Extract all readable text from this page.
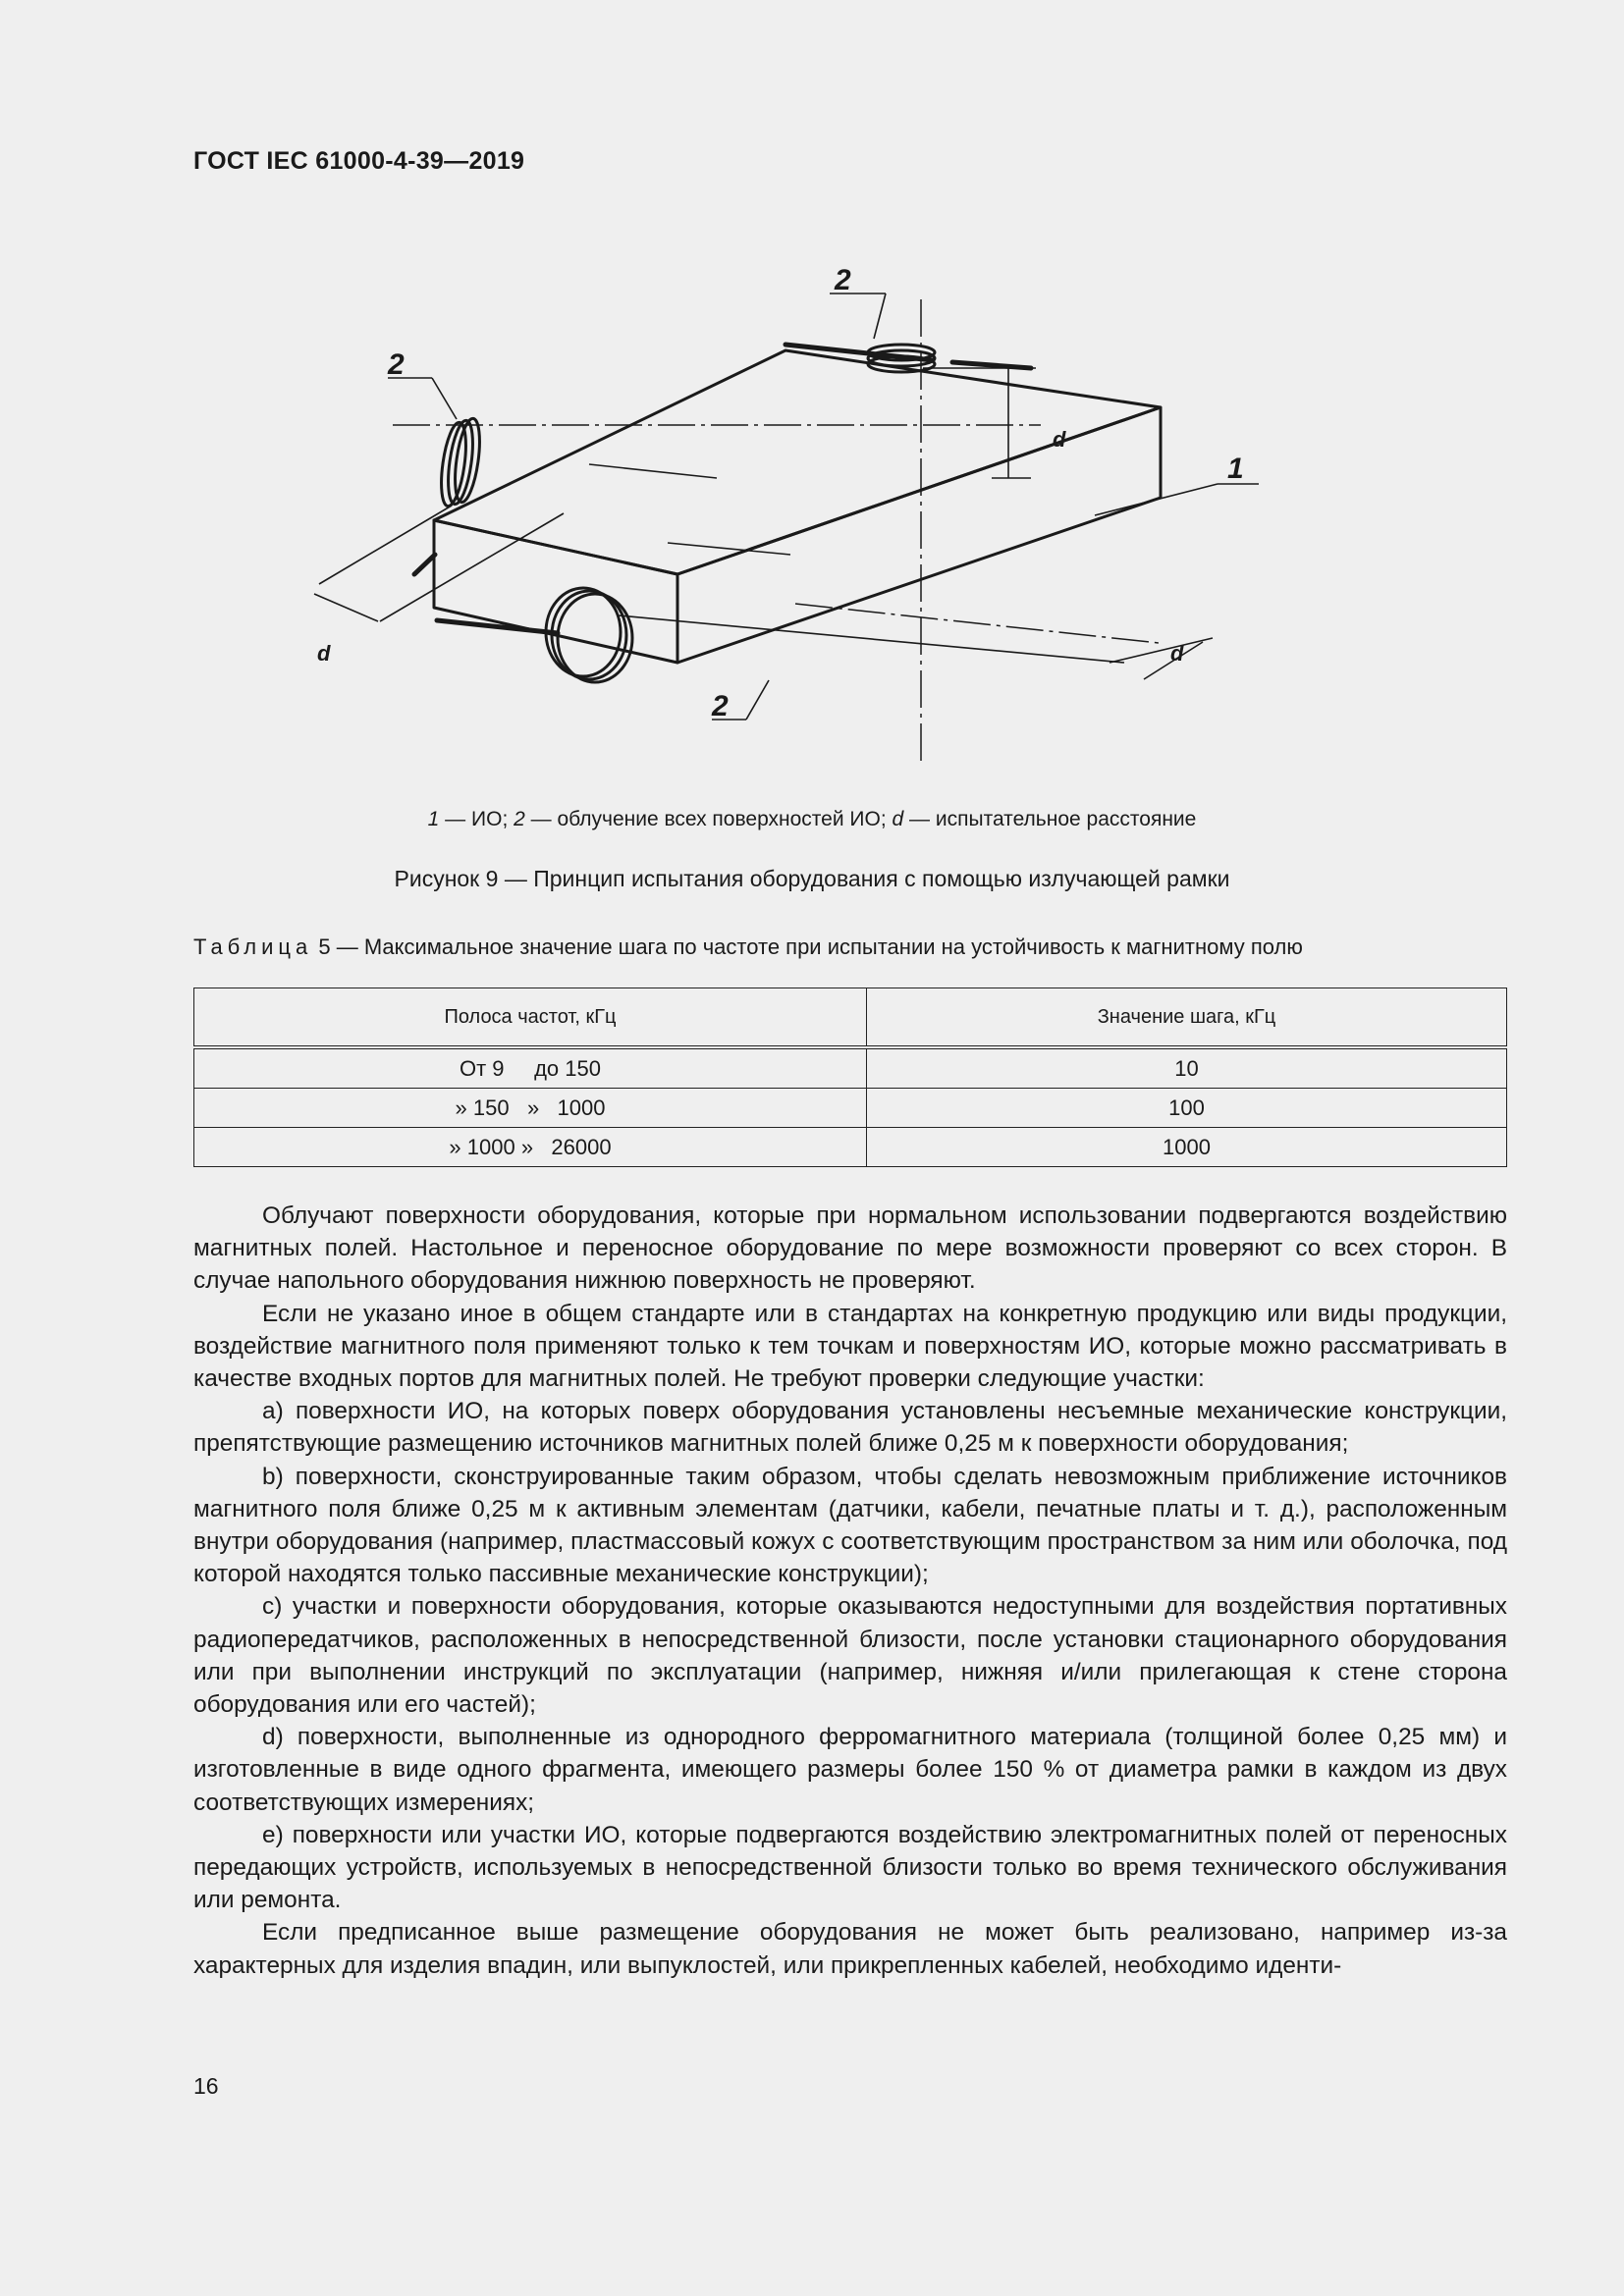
ГОСТ IEC 61000-4-39—2019
2
2
2
1
d
d	d
1 — ИО; 2 — облучение всех поверхностей ИО; d — испытательное расстояние
Рисунок 9 — Принцип испытания оборудования с помощью излучающей рамки
Таблица 5 — Максимальное значение шага по частоте при испытании на устойчивость к магнитному полю
Полоса частот, кГц	Значение шага, кГц
От 9     до 150	10
» 150   »   1000	100
» 1000 »   26000	1000

Облучают поверхности оборудования, которые при нормальном использовании подвергаются воздействию магнитных полей. Настольное и переносное оборудование по мере возможности проверяют со всех сторон. В случае напольного оборудования нижнюю поверхность не проверяют.

Если не указано иное в общем стандарте или в стандартах на конкретную продукцию или виды продукции, воздействие магнитного поля применяют только к тем точкам и поверхностям ИО, которые можно рассматривать в качестве входных портов для магнитных полей. Не требуют проверки следующие участки:

a) поверхности ИО, на которых поверх оборудования установлены несъемные механические конструкции, препятствующие размещению источников магнитных полей ближе 0,25 м к поверхности оборудования;

b) поверхности, сконструированные таким образом, чтобы сделать невозможным приближение источников магнитного поля ближе 0,25 м к активным элементам (датчики, кабели, печатные платы и т. д.), расположенным внутри оборудования (например, пластмассовый кожух с соответствующим пространством за ним или оболочка, под которой находятся только пассивные механические конструкции);

c) участки и поверхности оборудования, которые оказываются недоступными для воздействия портативных радиопередатчиков, расположенных в непосредственной близости, после установки стационарного оборудования или при выполнении инструкций по эксплуатации (например, нижняя и/или прилегающая к стене сторона оборудования или его частей);

d) поверхности, выполненные из однородного ферромагнитного материала (толщиной более 0,25 мм) и изготовленные в виде одного фрагмента, имеющего размеры более 150 % от диаметра рамки в каждом из двух соответствующих измерениях;

e) поверхности или участки ИО, которые подвергаются воздействию электромагнитных полей от переносных передающих устройств, используемых в непосредственной близости только во время технического обслуживания или ремонта.

Если предписанное выше размещение оборудования не может быть реализовано, например из-за характерных для изделия впадин, или выпуклостей, или прикрепленных кабелей, необходимо иденти-

16
